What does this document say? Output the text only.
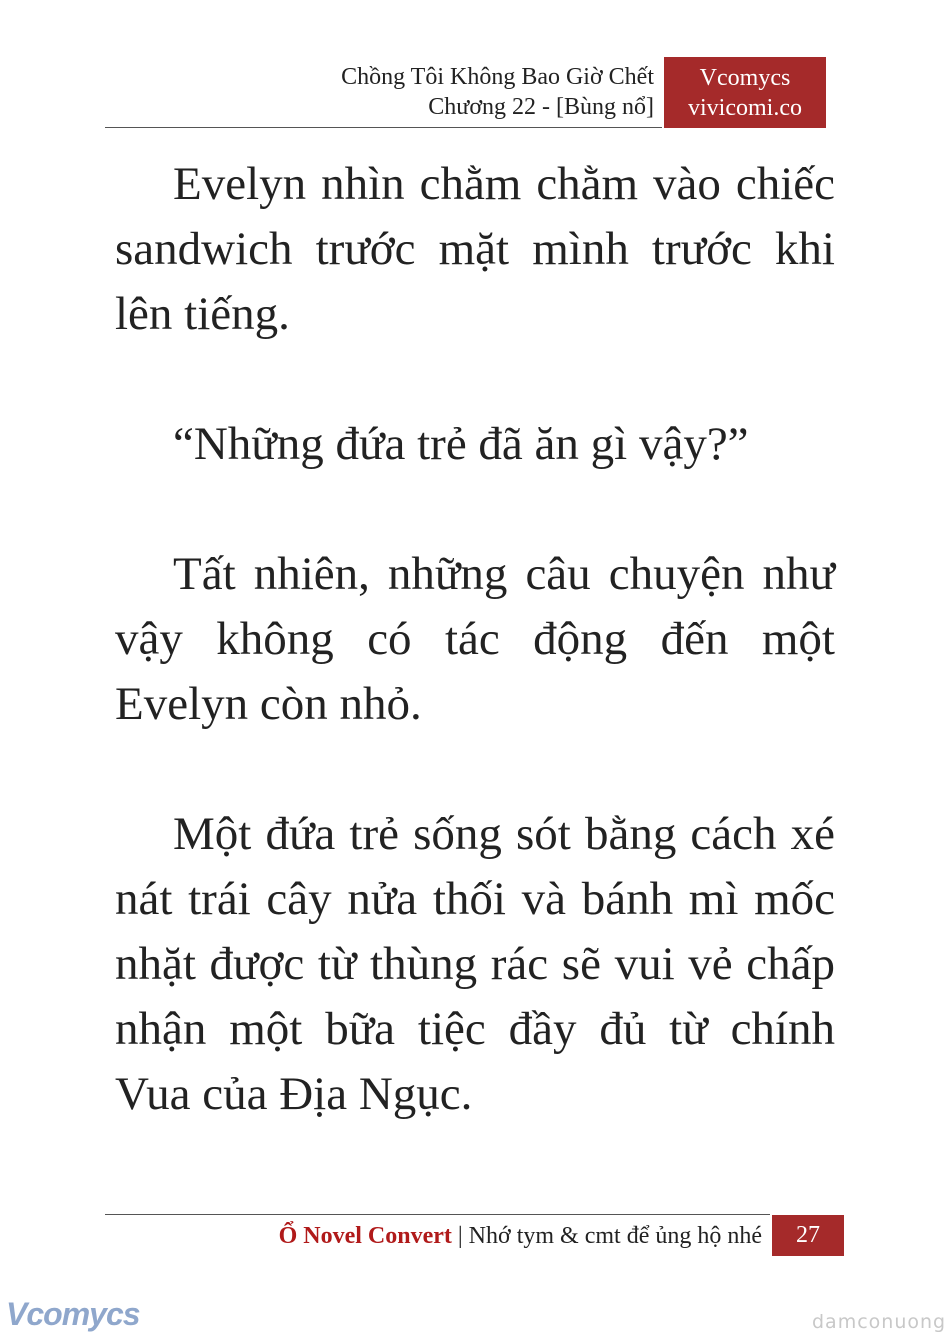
Chồng Tôi Không Bao Giờ Chết
Chương 22 - [Bùng nổ]
Vcomycs
vivicomi.co

Evelyn nhìn chằm chằm vào chiếc sandwich trước mặt mình trước khi lên tiếng.

“Những đứa trẻ đã ăn gì vậy?”

Tất nhiên, những câu chuyện như vậy không có tác động đến một Evelyn còn nhỏ.

Một đứa trẻ sống sót bằng cách xé nát trái cây nửa thối và bánh mì mốc nhặt được từ thùng rác sẽ vui vẻ chấp nhận một bữa tiệc đầy đủ từ chính Vua của Địa Ngục.

Ổ Novel Convert | Nhớ tym & cmt để ủng hộ nhé	27
Vcomycs	damconuong
